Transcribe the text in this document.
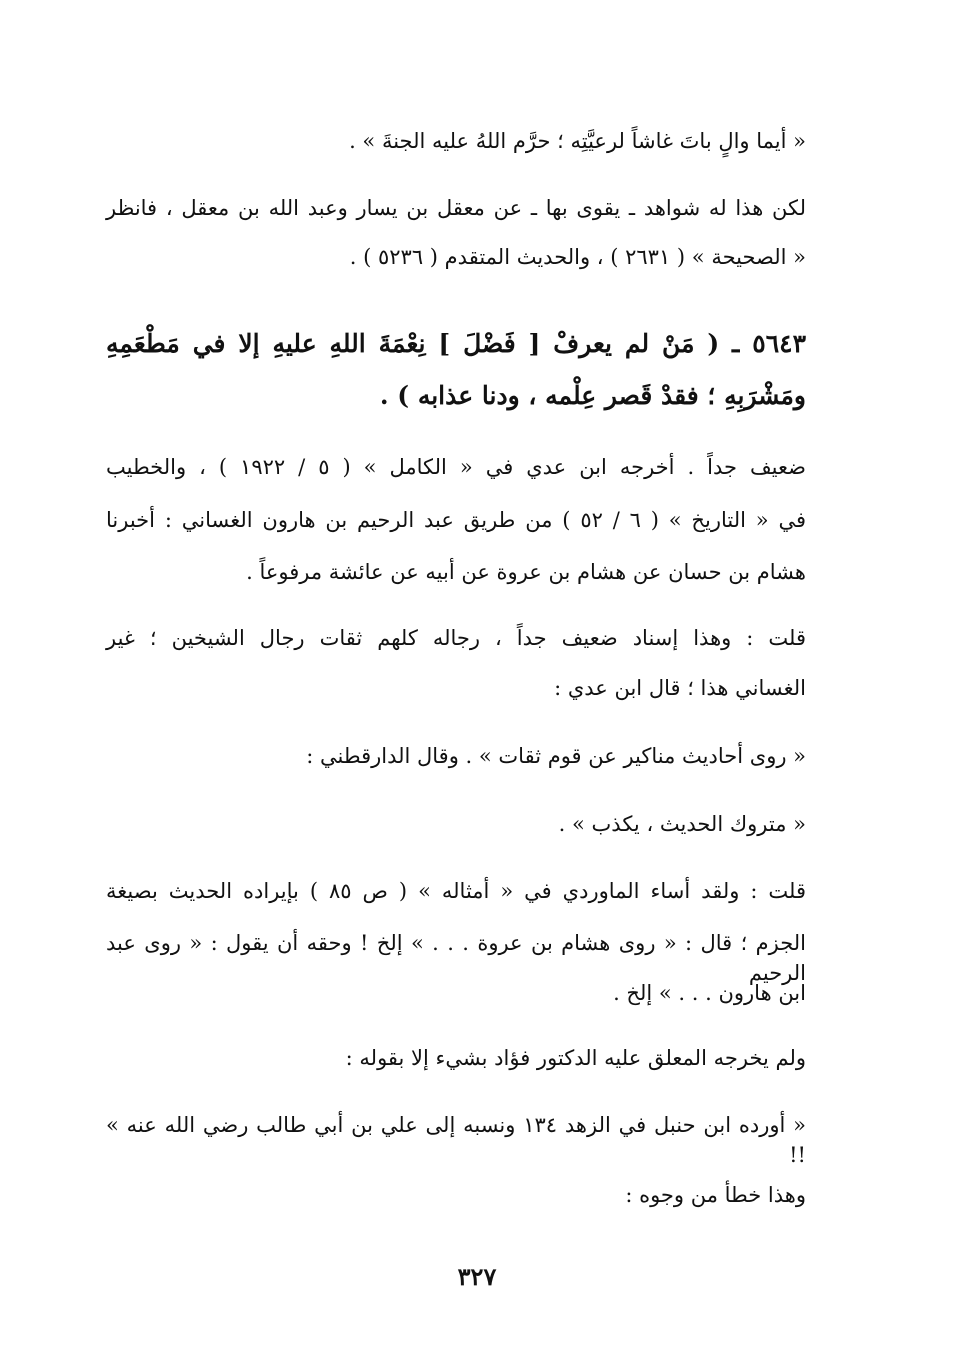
« أيما والٍ باتَ غاشاً لرعيَّتِه ؛ حرَّم اللهُ عليه الجنةَ » .
لكن هذا له شواهد ـ يقوى بها ـ عن معقل بن يسار وعبد الله بن معقل ، فانظر
« الصحيحة » ( ٢٦٣١ ) ، والحديث المتقدم ( ٥٢٣٦ ) .
٥٦٤٣ ـ ( مَنْ لم يعرفْ [ فَضْلَ ] نِعْمَةَ اللهِ عليهِ إلا في مَطْعَمِهِ
ومَشْرَبِهِ ؛ فقدْ قَصر عِلْمه ، ودنا عذابه ) .
ضعيف جداً . أخرجه ابن عدي في « الكامل » ( ٥ / ١٩٢٢ ) ، والخطيب
في « التاريخ » ( ٦ / ٥٢ ) من طريق عبد الرحيم بن هارون الغساني : أخبرنا
هشام بن حسان عن هشام بن عروة عن أبيه عن عائشة مرفوعاً .
قلت : وهذا إسناد ضعيف جداً ، رجاله كلهم ثقات رجال الشيخين ؛ غير
الغساني هذا ؛ قال ابن عدي :
« روى أحاديث مناكير عن قوم ثقات » . وقال الدارقطني :
« متروك الحديث ، يكذب » .
قلت : ولقد أساء الماوردي في « أمثاله » ( ص ٨٥ ) بإيراده الحديث بصيغة
الجزم ؛ قال : « روى هشام بن عروة . . . » إلخ ! وحقه أن يقول : « روى عبد الرحيم
ابن هارون . . . » إلخ .
ولم يخرجه المعلق عليه الدكتور فؤاد بشيء إلا بقوله :
« أورده ابن حنبل في الزهد ١٣٤ ونسبه إلى علي بن أبي طالب رضي الله عنه » !!
وهذا خطأ من وجوه :
٣٢٧
